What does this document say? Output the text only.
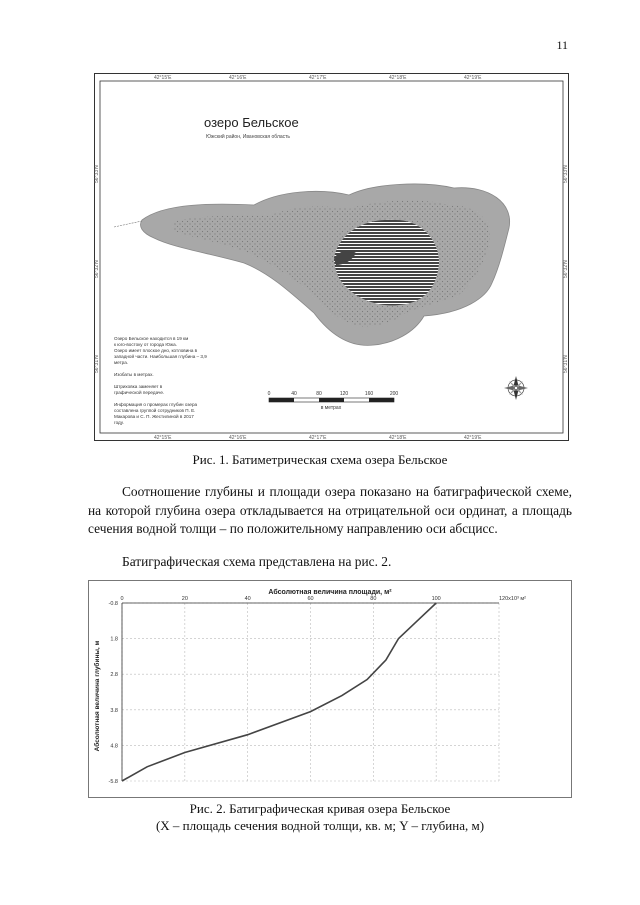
11
42°15'E	42°16'E	42°17'E	42°18'E	42°19'E
42°15'E	42°16'E	42°17'E	42°18'E	42°19'E
56°33'N
56°32'N
56°31'N
56°33'N
56°32'N
56°31'N
озеро Бельское
Южский район, Ивановская область
Озеро Бельское находится в 19 км
к юго-востоку от города Южа.
Озеро имеет плоское дно, котловина в
западной части. Наибольшая глубина – 3,9
метра.
Изобаты в метрах.
Штриховка заменяет в
графической передаче.
Информация о промерах глубин озера
составлена группой сотрудников П. Е.
Макарова и С. П. Жестилиной в 2017
году.
0	40	80	120	160	200
в метрах
Рис. 1. Батиметрическая схема озера Бельское

Соотношение глубины и площади озера показано на батиграфической схеме, на которой глубина озера откладывается на отрицательной оси ординат, а площадь сечения водной толщи – по положительному направлению оси абсцисс.

Батиграфическая схема представлена на рис. 2.

0	20	40	60	80	100	120x10³ м²
-0.8
1.8
2.8
3.8
4.8
-5.8
Абсолютная величина площади, м²
Абсолютная величина глубины, м
Рис. 2. Батиграфическая кривая озера Бельское
(X – площадь сечения водной толщи, кв. м; Y – глубина, м)
